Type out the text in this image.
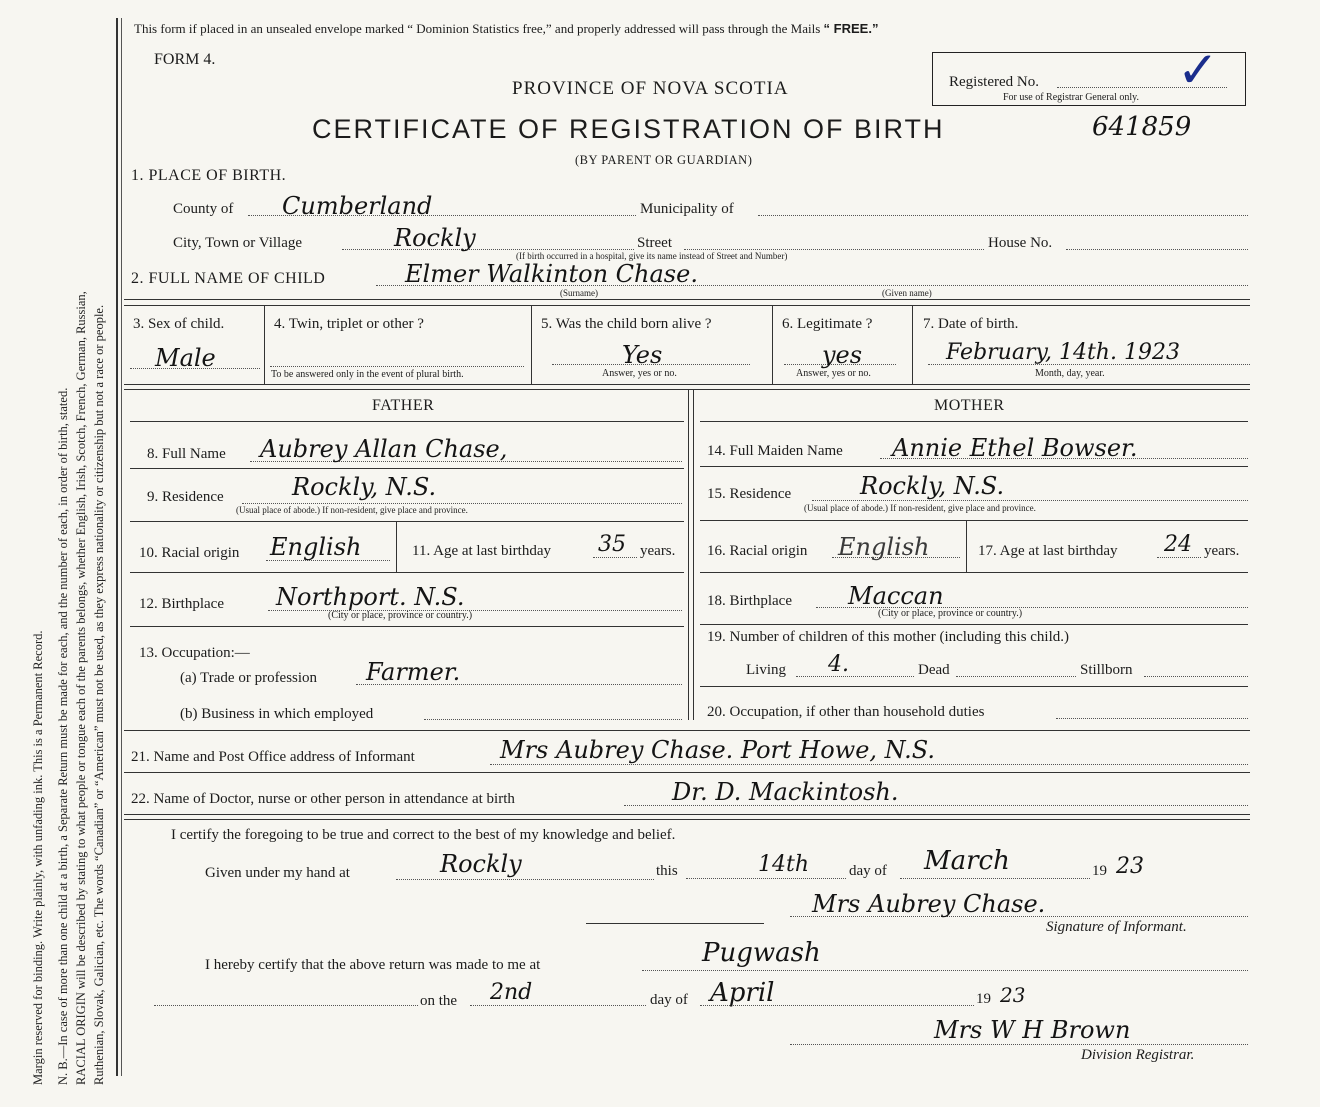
Margin reserved for binding. Write plainly, with unfading ink. This is a Permanent Record. N. B.—In case of more than one child at a birth, a Separate Return must be made for each, and the number of each, in order of birth, stated. RACIAL ORIGIN will be described by stating to what people or tongue each of the parents belongs, whether English, Irish, Scotch, French, German, Russian, Ruthenian, Slovak, Galician, etc. The words “Canadian” or “American” must not be used, as they express nationality or citizenship but not a race or people.
This form if placed in an unsealed envelope marked “ Dominion Statistics free,” and properly addressed will pass through the Mails “ FREE.”
FORM 4.
PROVINCE OF NOVA SCOTIA
CERTIFICATE OF REGISTRATION OF BIRTH	641859
(BY PARENT OR GUARDIAN)
Registered No.	✓
For use of Registrar General only.
1. PLACE OF BIRTH.
County of Cumberland	Municipality of
City, Town or Village	Rockly
(If birth occurred in a hospital, give its name instead of Street and Number)
Street	House No.
2. FULL NAME OF CHILD	Elmer Walkinton Chase.
(Surname)	(Given name)
3. Sex of child.
Male
4. Twin, triplet or other ?
To be answered only in the event of plural birth.
5. Was the child born alive ?
Yes
Answer, yes or no.
6. Legitimate ?
yes
Answer, yes or no.
7. Date of birth.
February, 14th. 1923
Month, day, year.
FATHER	MOTHER
8. Full Name Aubrey Allan Chase,
9. Residence	Rockly, N.S.
(Usual place of abode.) If non-resident, give place and province.
10. Racial origin English	11. Age at last birthday 35 years.
12. Birthplace Northport. N.S.
(City or place, province or country.)
13. Occupation:—
(a) Trade or profession Farmer.
(b) Business in which employed
14. Full Maiden Name Annie Ethel Bowser.
15. Residence	Rockly, N.S.
(Usual place of abode.) If non-resident, give place and province.
16. Racial origin English	17. Age at last birthday 24 years.
18. Birthplace Maccan
(City or place, province or country.)
19. Number of children of this mother (including this child.)
Living 4.	Dead	Stillborn
20. Occupation, if other than household duties
21. Name and Post Office address of Informant	Mrs Aubrey Chase. Port Howe, N.S.
22. Name of Doctor, nurse or other person in attendance at birth	Dr. D. Mackintosh.
I certify the foregoing to be true and correct to the best of my knowledge and belief.
Given under my hand at	Rockly	this	14th	day of March	19 23
Mrs Aubrey Chase.
Signature of Informant.
I hereby certify that the above return was made to me at	Pugwash
on the 2nd	day of April	19 23
Mrs W H Brown
Division Registrar.
